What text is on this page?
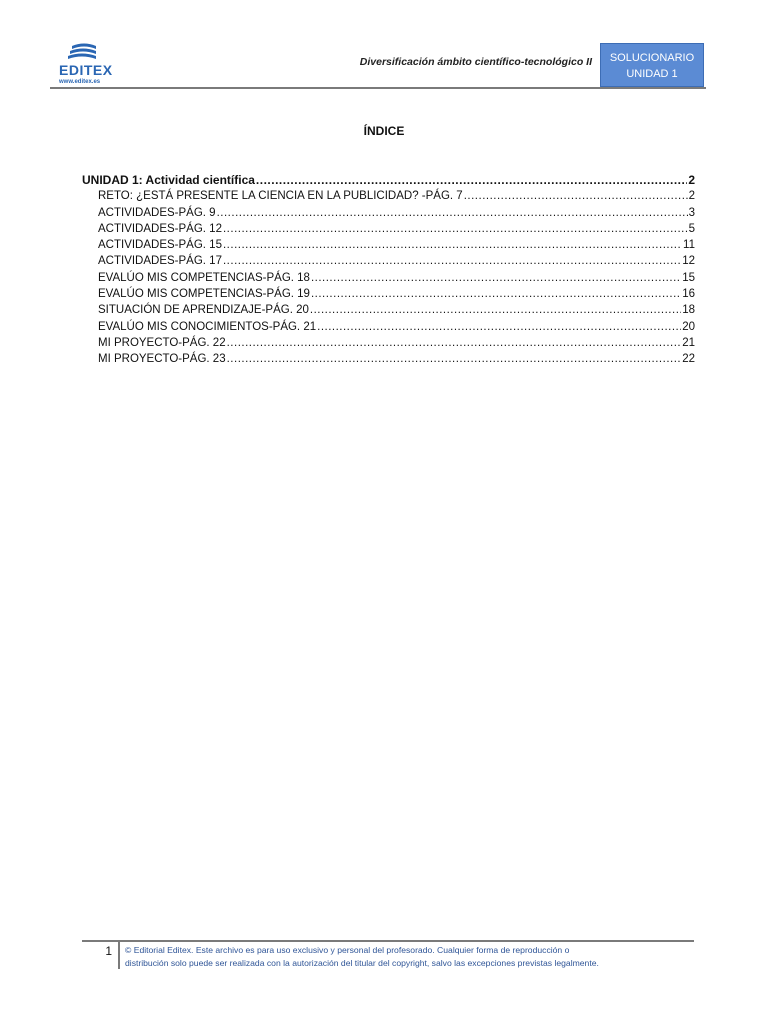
EDITEX
www.editex.es
Diversificación ámbito científico-tecnológico II	SOLUCIONARIO
UNIDAD 1
ÍNDICE
UNIDAD 1: Actividad científica .....	2
RETO: ¿ESTÁ PRESENTE LA CIENCIA EN LA PUBLICIDAD? -PÁG. 7 .....	2
ACTIVIDADES-PÁG. 9 .....	3
ACTIVIDADES-PÁG. 12 .....	5
ACTIVIDADES-PÁG. 15 .....	11
ACTIVIDADES-PÁG. 17 .....	12
EVALÚO MIS COMPETENCIAS-PÁG. 18 .....	15
EVALÚO MIS COMPETENCIAS-PÁG. 19 .....	16
SITUACIÓN DE APRENDIZAJE-PÁG. 20 .....	18
EVALÚO MIS CONOCIMIENTOS-PÁG. 21 .....	20
MI PROYECTO-PÁG. 22 .....	21
MI PROYECTO-PÁG. 23 .....	22
1 © Editorial Editex. Este archivo es para uso exclusivo y personal del profesorado. Cualquier forma de reproducción o
distribución solo puede ser realizada con la autorización del titular del copyright, salvo las excepciones previstas legalmente.
